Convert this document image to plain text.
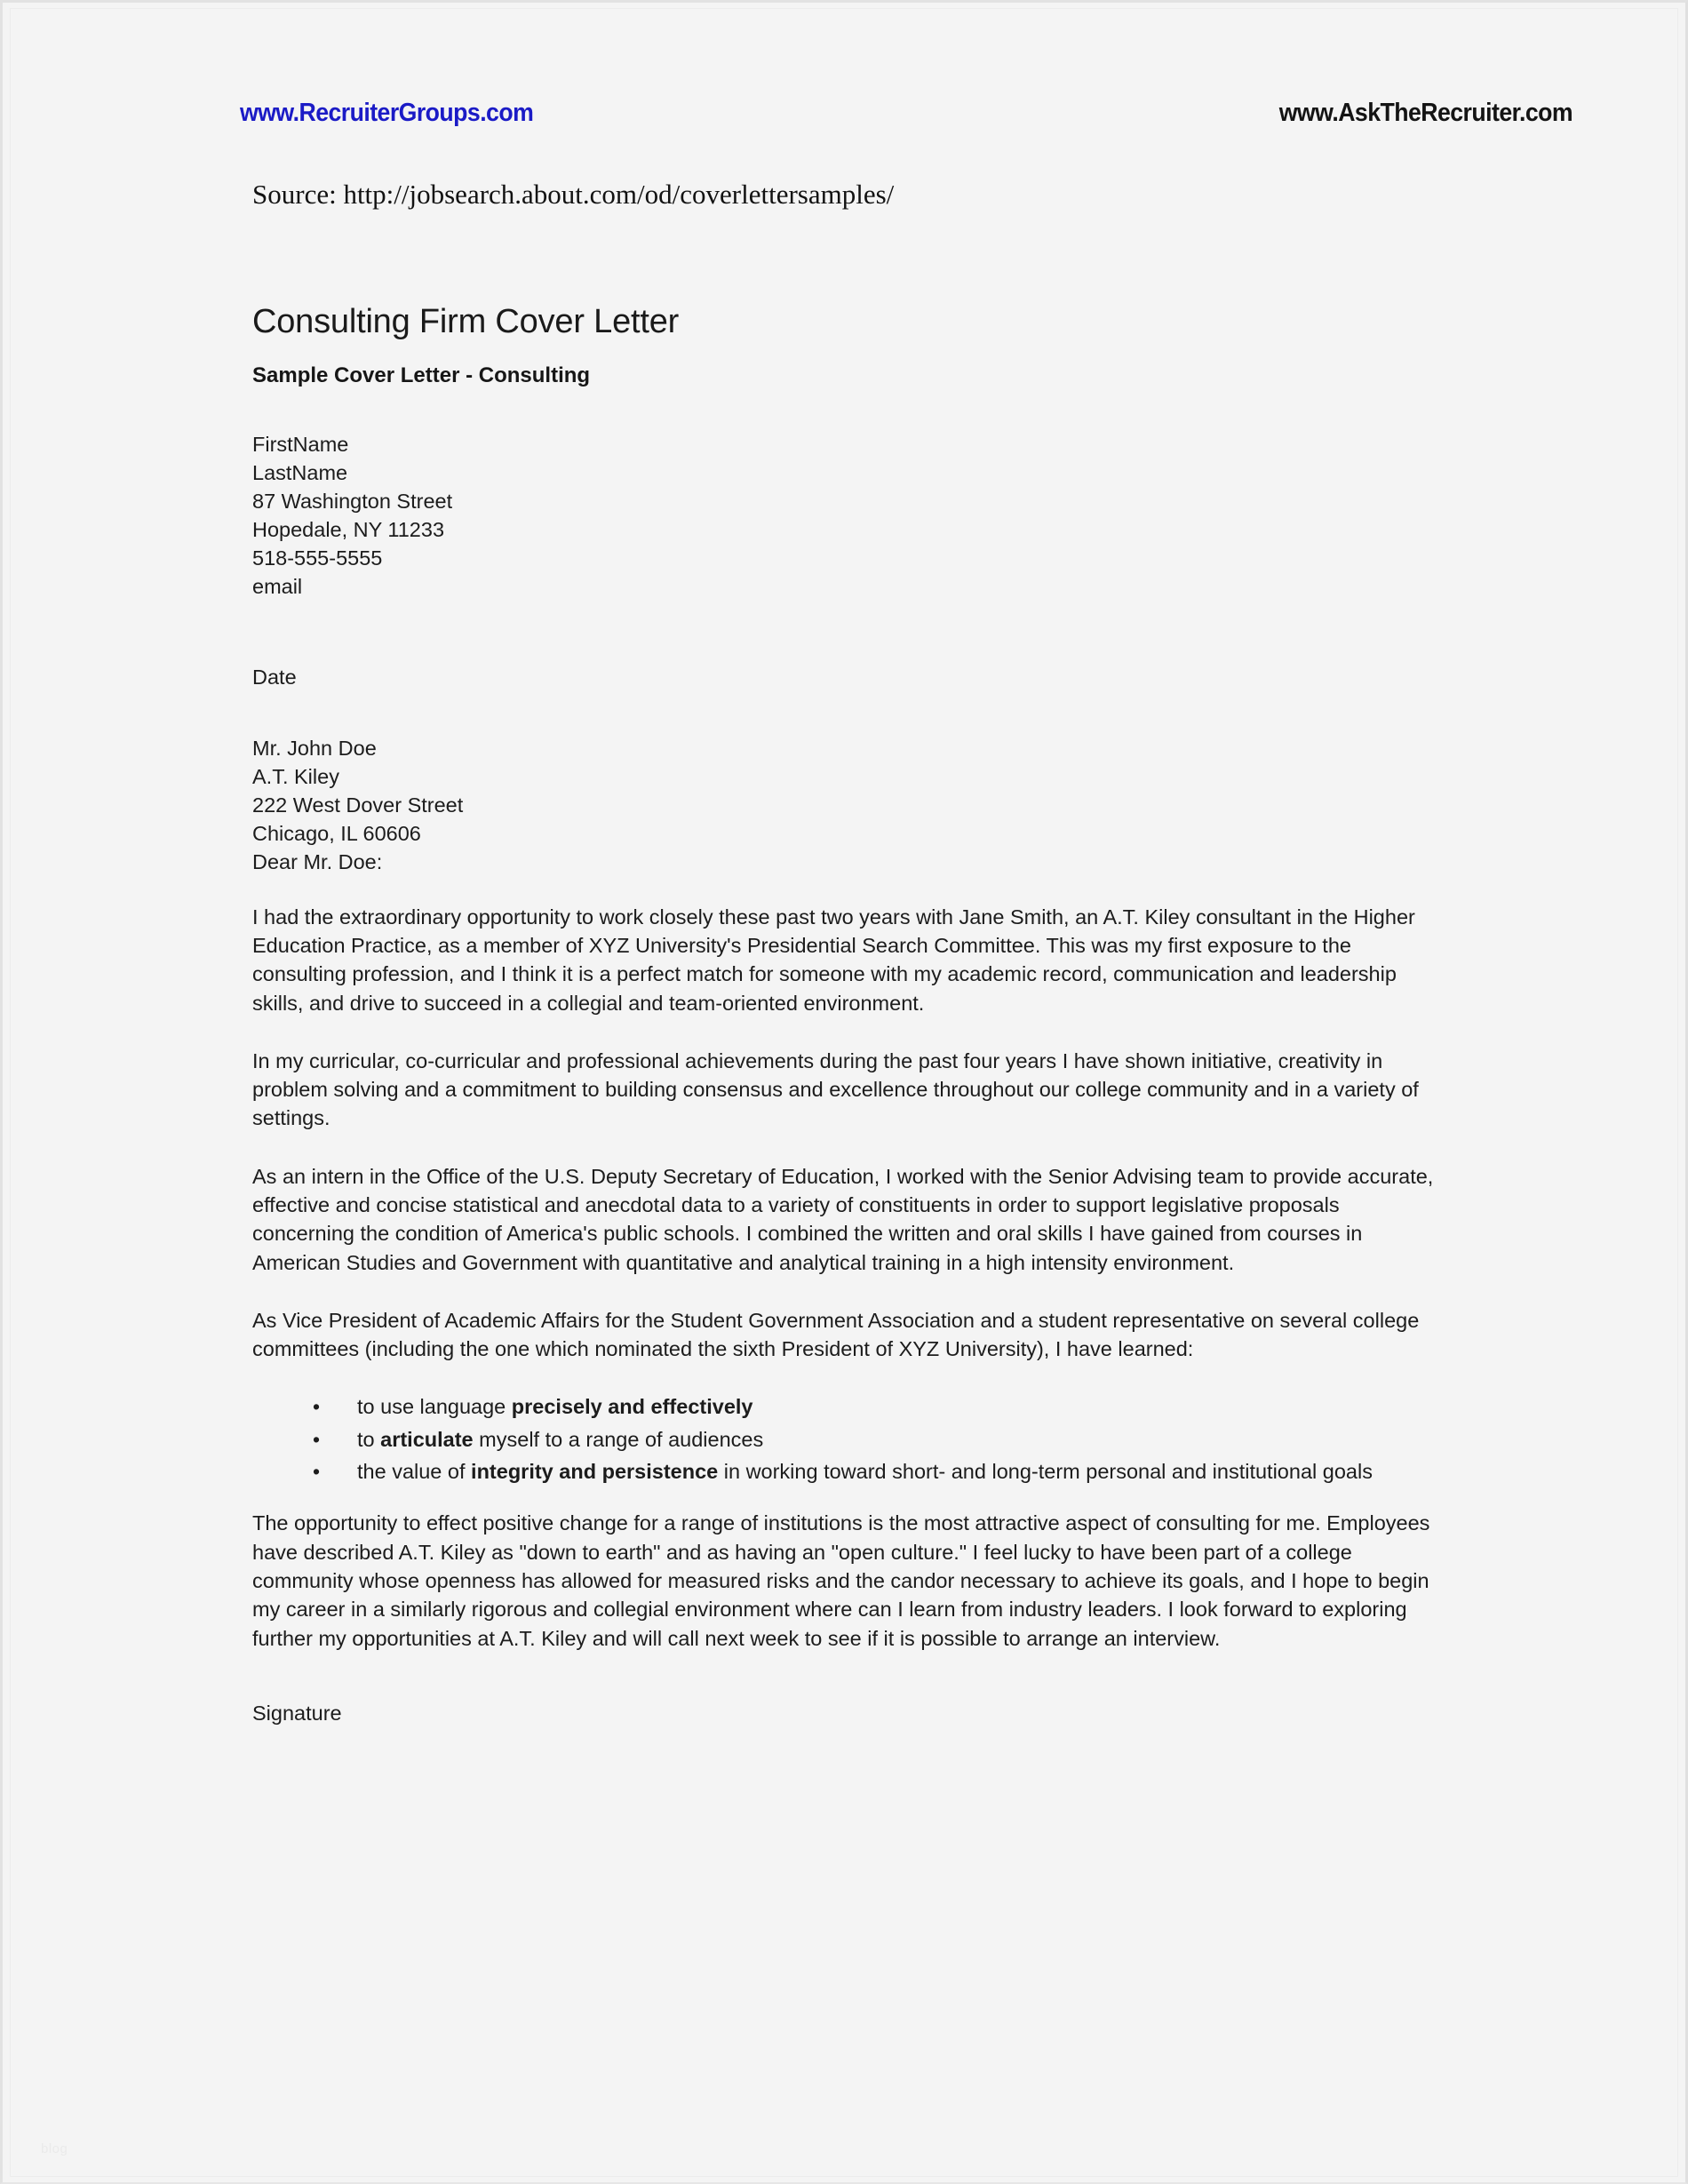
www.RecruiterGroups.com	www.AskTheRecruiter.com
Source: http://jobsearch.about.com/od/coverlettersamples/
Consulting Firm Cover Letter
Sample Cover Letter - Consulting
FirstName
LastName
87 Washington Street
Hopedale, NY 11233
518-555-5555
email
Date
Mr. John Doe
A.T. Kiley
222 West Dover Street
Chicago, IL 60606
Dear Mr. Doe:

I had the extraordinary opportunity to work closely these past two years with Jane Smith, an A.T. Kiley consultant in the Higher Education Practice, as a member of XYZ University's Presidential Search Committee. This was my first exposure to the consulting profession, and I think it is a perfect match for someone with my academic record, communication and leadership skills, and drive to succeed in a collegial and team-oriented environment.

In my curricular, co-curricular and professional achievements during the past four years I have shown initiative, creativity in problem solving and a commitment to building consensus and excellence throughout our college community and in a variety of settings.

As an intern in the Office of the U.S. Deputy Secretary of Education, I worked with the Senior Advising team to provide accurate, effective and concise statistical and anecdotal data to a variety of constituents in order to support legislative proposals concerning the condition of America's public schools. I combined the written and oral skills I have gained from courses in American Studies and Government with quantitative and analytical training in a high intensity environment.

As Vice President of Academic Affairs for the Student Government Association and a student representative on several college committees (including the one which nominated the sixth President of XYZ University), I have learned:

• to use language precisely and effectively
• to articulate myself to a range of audiences
• the value of integrity and persistence in working toward short- and long-term personal and institutional goals

The opportunity to effect positive change for a range of institutions is the most attractive aspect of consulting for me. Employees have described A.T. Kiley as "down to earth" and as having an "open culture." I feel lucky to have been part of a college community whose openness has allowed for measured risks and the candor necessary to achieve its goals, and I hope to begin my career in a similarly rigorous and collegial environment where can I learn from industry leaders. I look forward to exploring further my opportunities at A.T. Kiley and will call next week to see if it is possible to arrange an interview.

Signature
blog
